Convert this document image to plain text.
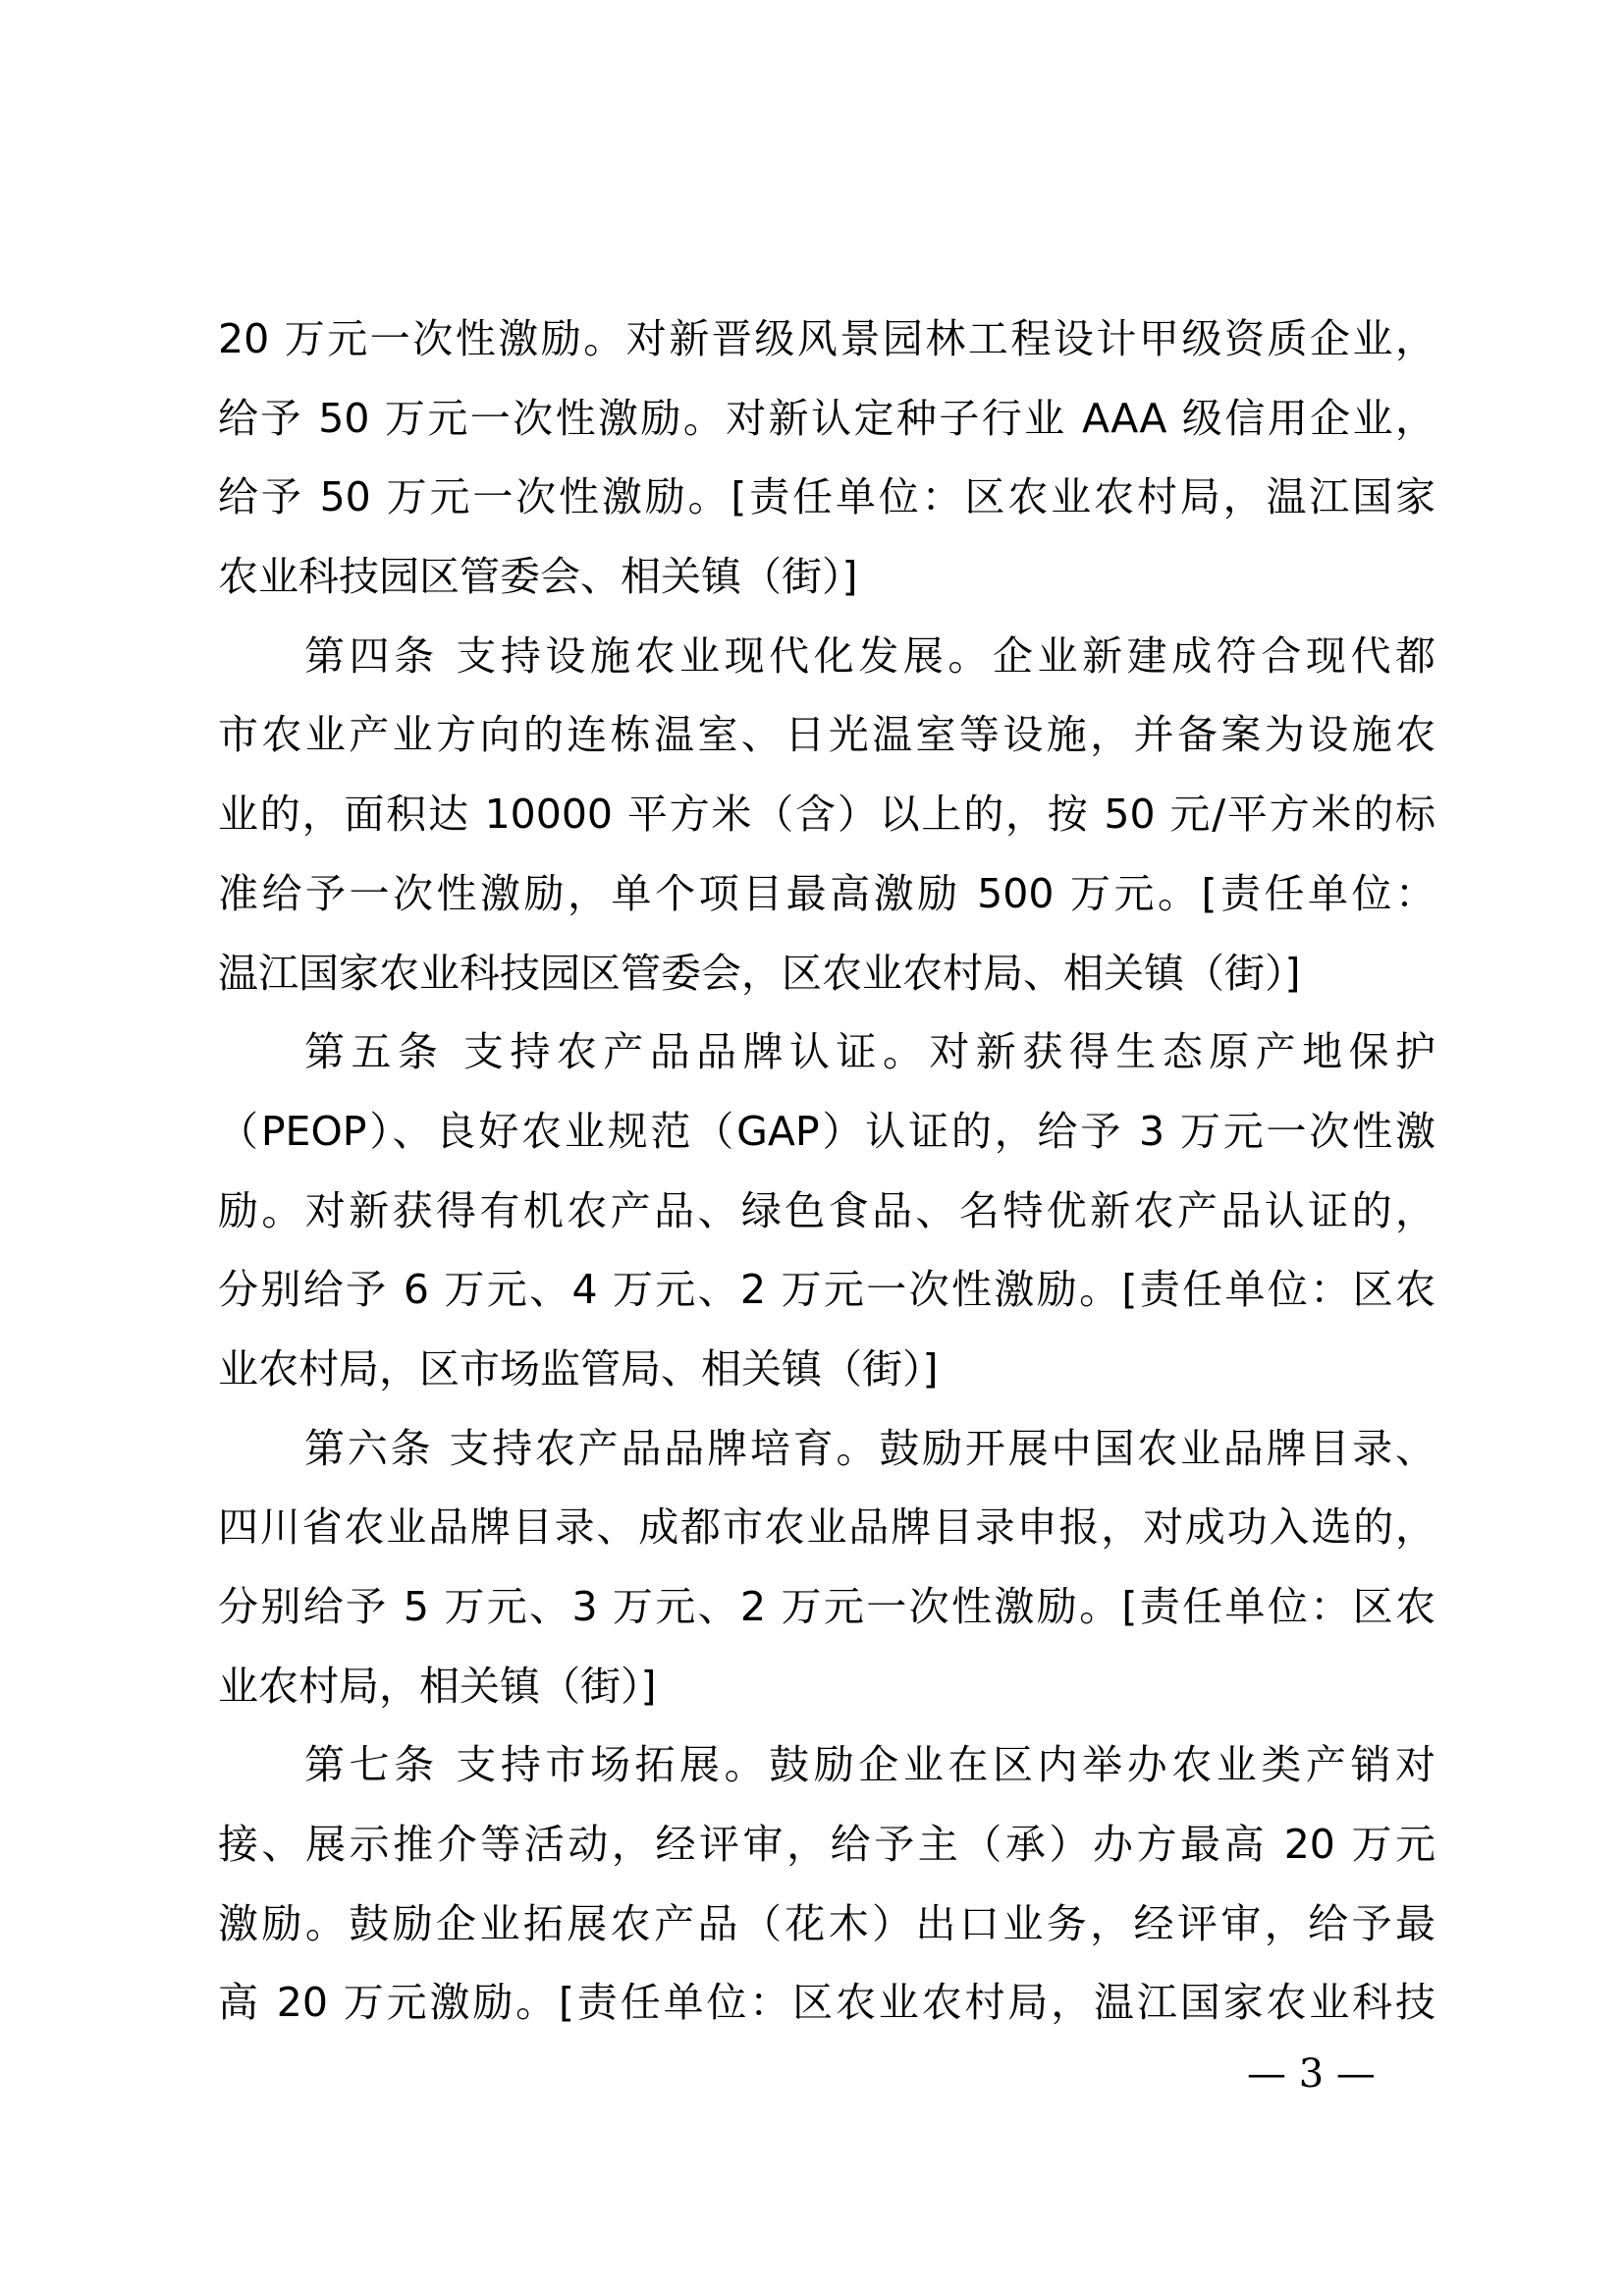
20 万元一次性激励。对新晋级风景园林工程设计甲级资质企业，
给予 50 万元一次性激励。对新认定种子行业 AAA 级信用企业，
给予 50 万元一次性激励。[责任单位：区农业农村局，温江国家
农业科技园区管委会、相关镇（街）]
第四条 支持设施农业现代化发展。企业新建成符合现代都
市农业产业方向的连栋温室、日光温室等设施，并备案为设施农
业的，面积达 10000 平方米（含）以上的，按 50 元/平方米的标
准给予一次性激励，单个项目最高激励 500 万元。[责任单位：
温江国家农业科技园区管委会，区农业农村局、相关镇（街）]
第五条 支持农产品品牌认证。对新获得生态原产地保护
（PEOP）、良好农业规范（GAP）认证的，给予 3 万元一次性激
励。对新获得有机农产品、绿色食品、名特优新农产品认证的，
分别给予 6 万元、4 万元、2 万元一次性激励。[责任单位：区农
业农村局，区市场监管局、相关镇（街）]
第六条 支持农产品品牌培育。鼓励开展中国农业品牌目录、
四川省农业品牌目录、成都市农业品牌目录申报，对成功入选的，
分别给予 5 万元、3 万元、2 万元一次性激励。[责任单位：区农
业农村局，相关镇（街）]
第七条 支持市场拓展。鼓励企业在区内举办农业类产销对
接、展示推介等活动，经评审，给予主（承）办方最高 20 万元
激励。鼓励企业拓展农产品（花木）出口业务，经评审，给予最
高 20 万元激励。[责任单位：区农业农村局，温江国家农业科技
— 3 —
